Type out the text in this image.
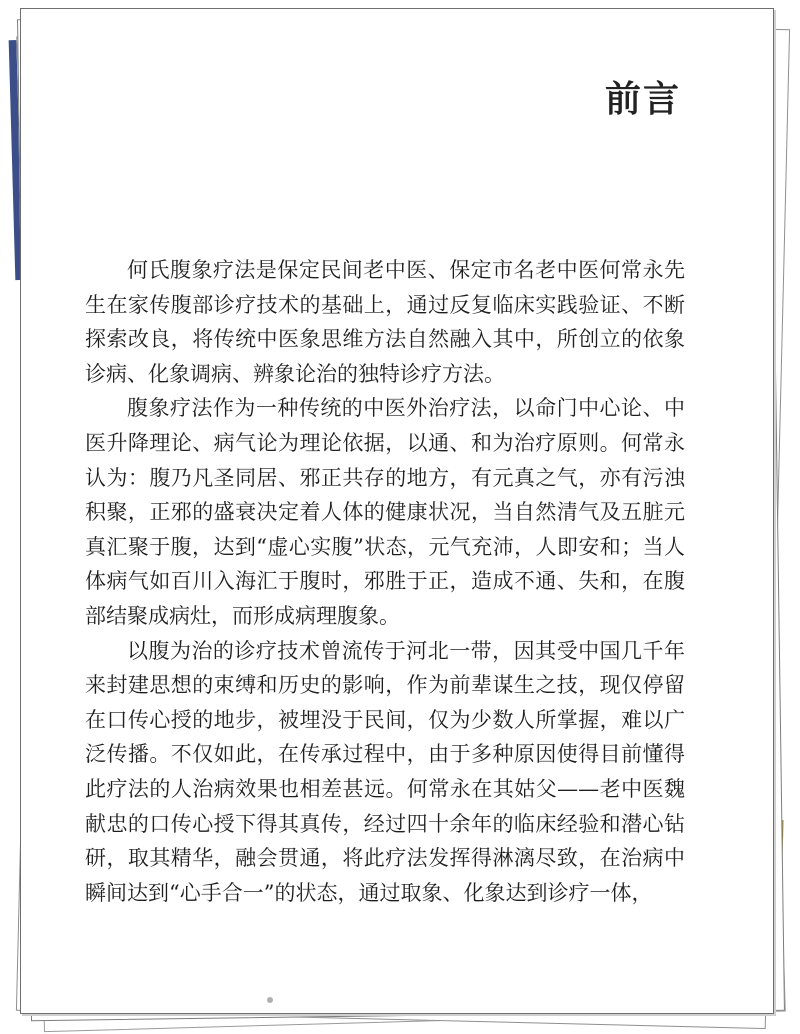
前言

何氏腹象疗法是保定民间老中医、保定市名老中医何常永先生在家传腹部诊疗技术的基础上，通过反复临床实践验证、不断探索改良，将传统中医象思维方法自然融入其中，所创立的依象诊病、化象调病、辨象论治的独特诊疗方法。

腹象疗法作为一种传统的中医外治疗法，以命门中心论、中医升降理论、病气论为理论依据，以通、和为治疗原则。何常永认为：腹乃凡圣同居、邪正共存的地方，有元真之气，亦有污浊积聚，正邪的盛衰决定着人体的健康状况，当自然清气及五脏元真汇聚于腹，达到“虚心实腹”状态，元气充沛，人即安和；当人体病气如百川入海汇于腹时，邪胜于正，造成不通、失和，在腹部结聚成病灶，而形成病理腹象。

以腹为治的诊疗技术曾流传于河北一带，因其受中国几千年来封建思想的束缚和历史的影响，作为前辈谋生之技，现仅停留在口传心授的地步，被埋没于民间，仅为少数人所掌握，难以广泛传播。不仅如此，在传承过程中，由于多种原因使得目前懂得此疗法的人治病效果也相差甚远。何常永在其姑父——老中医魏献忠的口传心授下得其真传，经过四十余年的临床经验和潜心钻研，取其精华，融会贯通，将此疗法发挥得淋漓尽致，在治病中瞬间达到“心手合一”的状态，通过取象、化象达到诊疗一体，
